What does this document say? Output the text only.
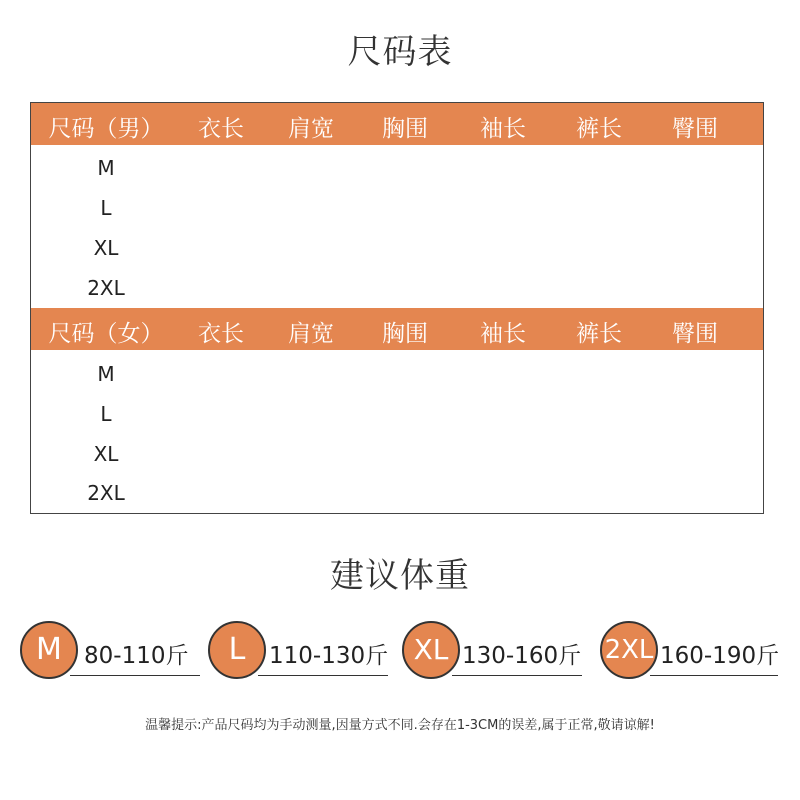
尺码表
尺码（男） 衣长 肩宽 胸围 袖长 裤长 臀围
M
L
XL
2XL
尺码（女） 衣长 肩宽 胸围 袖长 裤长 臀围
M
L
XL
2XL
建议体重
M 80-110斤	L	110-130斤 XL 130-160斤 2XL 160-190斤
温馨提示:产品尺码均为手动测量,因量方式不同.会存在1-3CM的误差,属于正常,敬请谅解!
